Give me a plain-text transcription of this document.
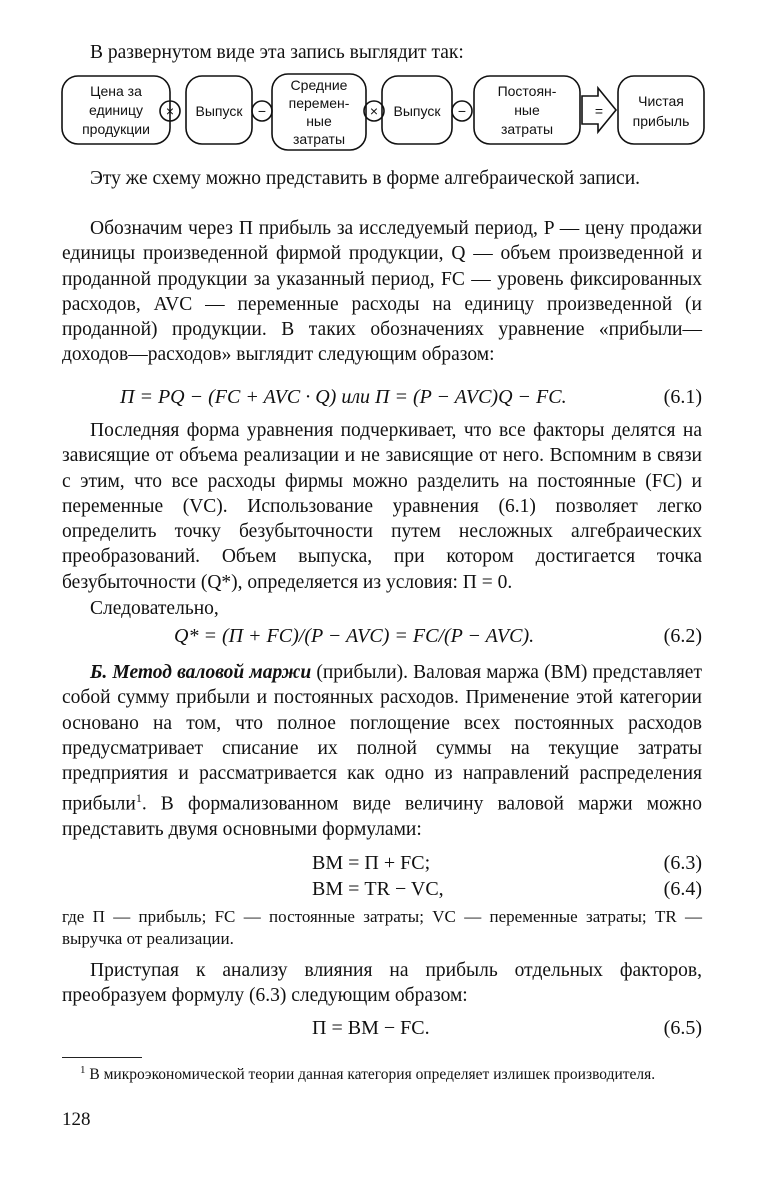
В развернутом виде эта запись выглядит так:
Цена за
единицу
продукции
× Выпуск −
Средние
перемен-
ные
затраты
× Выпуск −
Постоян-
ные
затраты
=
Чистая
прибыль
Эту же схему можно представить в форме алгебраической записи.
Обозначим через П прибыль за исследуемый период, P — цену продажи единицы произведенной фирмой продукции, Q — объем произведенной и проданной продукции за указанный период, FC — уровень фиксированных расходов, AVC — переменные расходы на единицу произведенной (и проданной) продукции. В таких обозначениях уравнение «прибыли—доходов—расходов» выглядит следующим образом:
П = PQ − (FC + AVC · Q) или П = (P − AVC)Q − FC.	(6.1)
Последняя форма уравнения подчеркивает, что все факторы делятся на зависящие от объема реализации и не зависящие от него. Вспомним в связи с этим, что все расходы фирмы можно разделить на постоянные (FC) и переменные (VC). Использование уравнения (6.1) позволяет легко определить точку безубыточности путем несложных алгебраических преобразований. Объем выпуска, при котором достигается точка безубыточности (Q*), определяется из условия: П = 0.
Следовательно,
Q* = (П + FC)/(P − AVC) = FC/(P − AVC).	(6.2)
Б. Метод валовой маржи (прибыли). Валовая маржа (ВМ) представляет собой сумму прибыли и постоянных расходов. Применение этой категории основано на том, что полное поглощение всех постоянных расходов предусматривает списание их полной суммы на текущие затраты предприятия и рассматривается как одно из направлений распределения прибыли$^1$. В формализованном виде величину валовой маржи можно представить двумя основными формулами:
ВМ = П + FC;	(6.3)
ВМ = TR − VC,	(6.4)
где П — прибыль; FC — постоянные затраты; VC — переменные затраты; TR — выручка от реализации.
Приступая к анализу влияния на прибыль отдельных факторов, преобразуем формулу (6.3) следующим образом:
П = ВМ − FC.	(6.5)
$^1$ В микроэкономической теории данная категория определяет излишек производителя.
128
